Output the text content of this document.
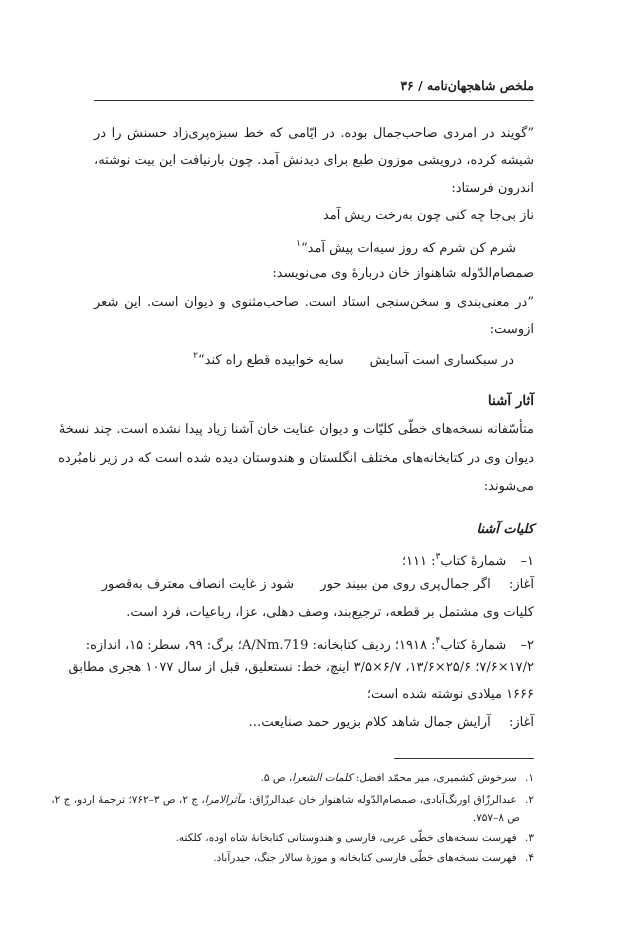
ملخص شاهجهان‌نامه / ۳۶
”گویند در امردی صاحب‌جمال بوده. در ایّامی که خط سبزه‌پری‌زاد حسنش را در
شیشه کرده، درویشی موزون طبع برای دیدنش آمد. چون بارنیافت این بیت نوشته،
اندرون فرستاد:
ناز بی‌جا چه کنی چون به‌رخت ریش آمد
شرم کن شرم که روز سیه‌ات پیش آمد“$^۱$
صمصام‌الدّوله شاهنواز خان دربارهٔ وی می‌نویسد:
”در معنی‌بندی و سخن‌سنجی استاد است. صاحب‌مثنوی و دیوان است. این شعر
ازوست:
در سبکساری است آسایشسایه خوابیده قطع راه کند“$^۲$
آثار آشنا
متأسّفانه نسخه‌های خطّی کلیّات و دیوان عنایت خان آشنا زیاد پیدا نشده است. چند نسخهٔ
دیوان وی در کتابخانه‌های مختلف انگلستان و هندوستان دیده شده است که در زیر نامبُرده
می‌شوند:
کلیات آشنا
۱–  شمارهٔ کتاب$^۳$: ۱۱۱؛
آغاز:  اگر جمال‌پری روی من ببیند حور  شود ز غایت انصاف معترف به‌قصور
کلیات وی مشتمل بر قطعه، ترجیع‌بند، وصف دهلی، عزا، رباعیات، فرد است.
۲–  شمارهٔ کتاب$^۴$: ۱۹۱۸؛ ردیف کتابخانه: A/Nm.719؛ برگ: ۹۹، سطر: ۱۵، اندازه:
۱۷/۲×۷/۶؛ ۲۵/۶×۱۳/۶، ۶/۷×۳/۵ اینچ، خط: نستعلیق، قبل از سال ۱۰۷۷ هجری مطابق
۱۶۶۶ میلادی نوشته شده است؛
آغاز:  آرایش جمال شاهد کلام بزیور حمد صنایعت…
۱. سرخوش کشمیری، میر محمّد افضل: کلمات الشعرا، ص ۵.
۲. عبدالرزّاق اورنگ‌آبادی، صمصام‌الدّوله شاهنواز خان عبدالرزّاق: مآثرالامرا، ج ۲، ص ۳–۷۶۲؛ ترجمهٔ اردو، ج ۲،
ص ۸–۷۵۷.
۳. فهرست نسخه‌های خطّی عربی، فارسی و هندوستانی کتابخانهٔ شاه اوده، کلکته.
۴. فهرست نسخه‌های خطّی فارسی کتابخانه و موزهٔ سالار جنگ، حیدرآباد.
